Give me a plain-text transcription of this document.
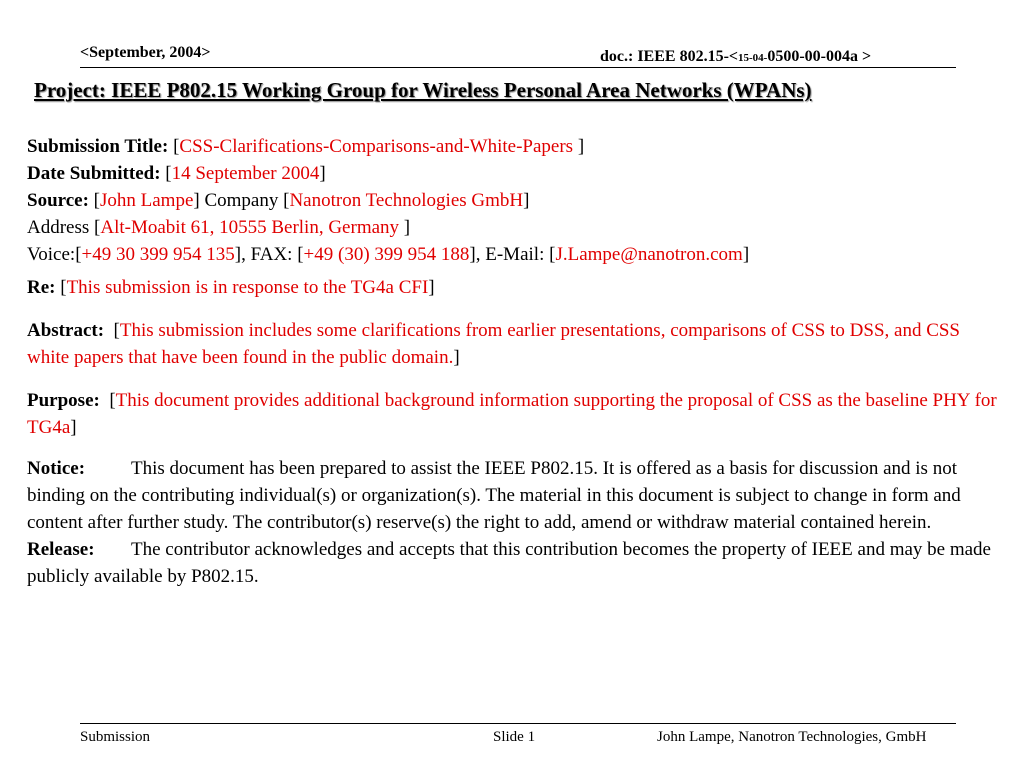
<September, 2004>	doc.: IEEE 802.15-<15-04-0500-00-004a >
Project: IEEE P802.15 Working Group for Wireless Personal Area Networks (WPANs)

Submission Title: [CSS-Clarifications-Comparisons-and-White-Papers ]

Date Submitted: [14 September 2004]

Source: [John Lampe] Company [Nanotron Technologies GmbH]

Address [Alt-Moabit 61, 10555 Berlin, Germany ]

Voice:[+49 30 399 954 135], FAX: [+49 (30) 399 954 188], E-Mail: [J.Lampe@nanotron.com]

Re: [This submission is in response to the TG4a CFI]

Abstract:  [This submission includes some clarifications from earlier presentations, comparisons of CSS to DSS, and CSS white papers that have been found in the public domain.]

Purpose:  [This document provides additional background information supporting the proposal of CSS as the baseline PHY for TG4a]

Notice: This document has been prepared to assist the IEEE P802.15. It is offered as a basis for discussion and is not binding on the contributing individual(s) or organization(s). The material in this document is subject to change in form and content after further study. The contributor(s) reserve(s) the right to add, amend or withdraw material contained herein.

Release: The contributor acknowledges and accepts that this contribution becomes the property of IEEE and may be made publicly available by P802.15.

Submission	Slide 1	John Lampe, Nanotron Technologies, GmbH
